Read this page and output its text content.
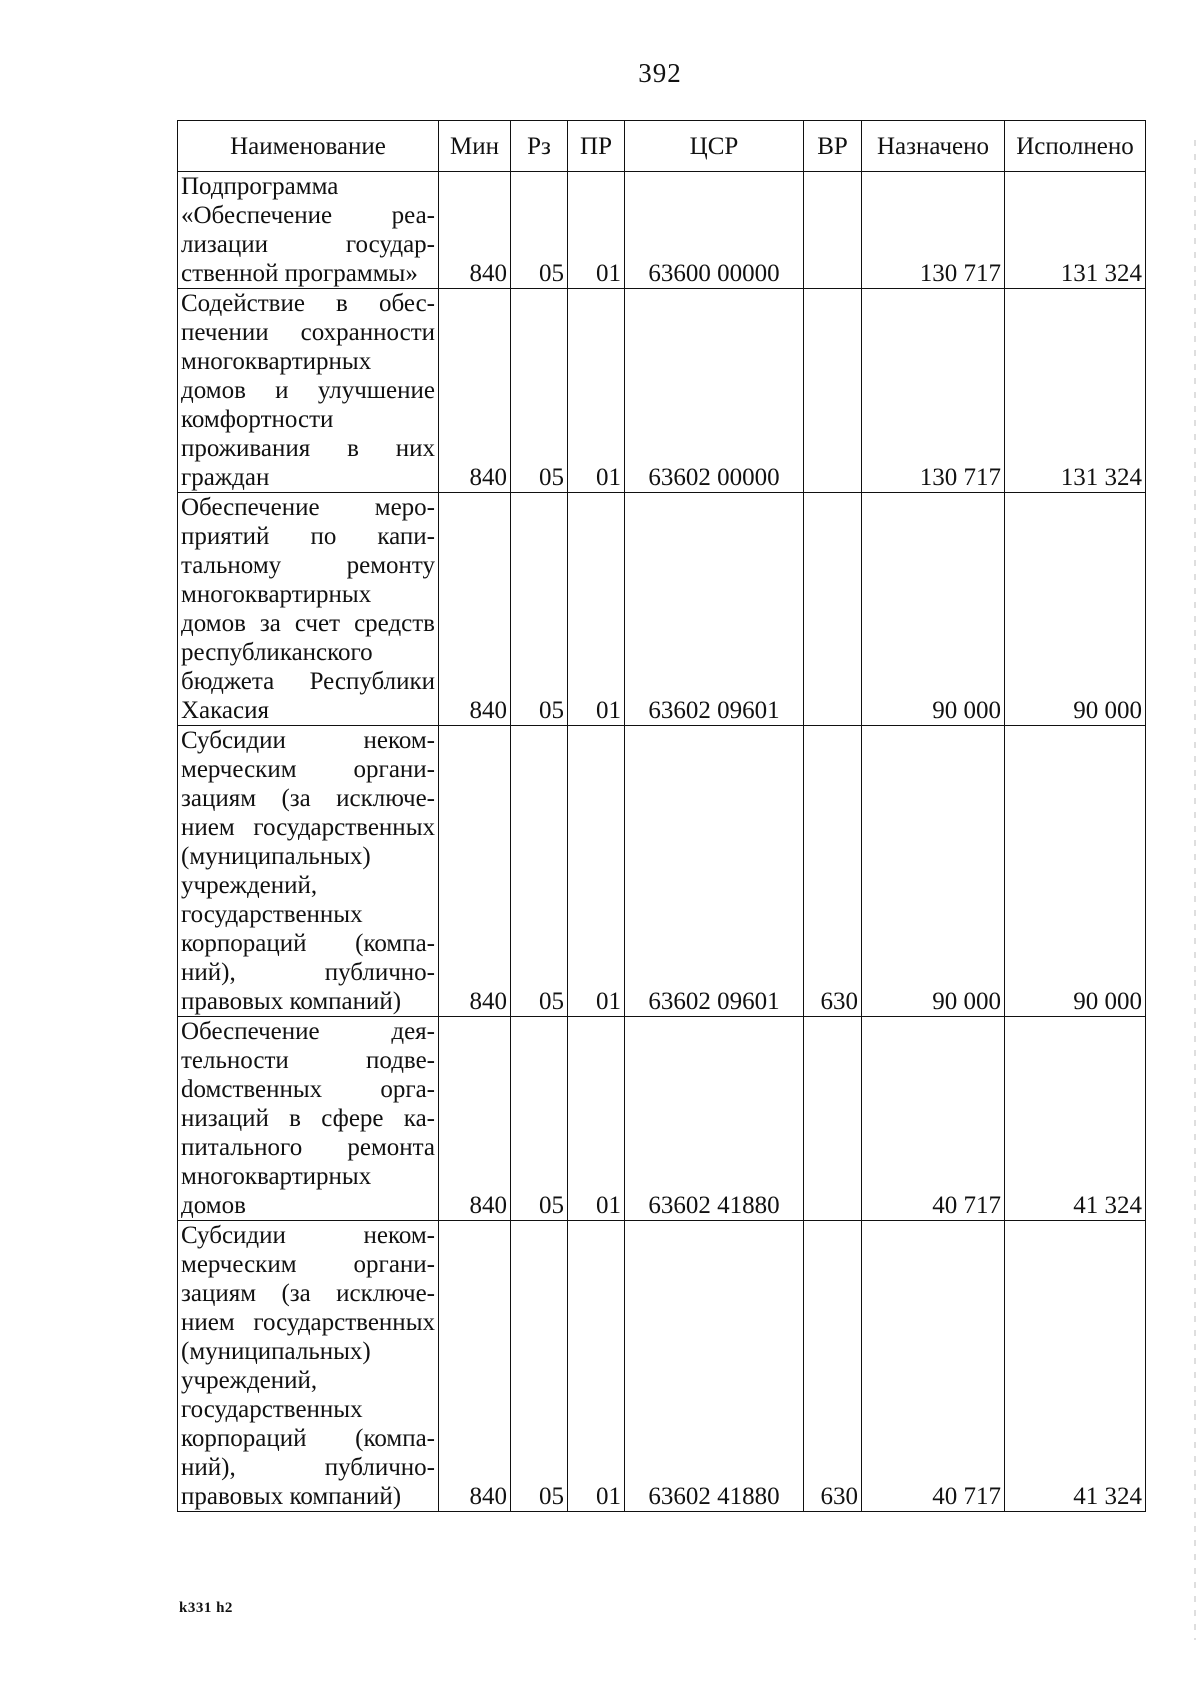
392
Наименование	Мин	Рз	ПР	ЦСР	ВР	Назначено	Исполнено
Подпрограмма «Обеспечение реализации государственной программы»	840	05	01	63600 00000		130 717	131 324
Содействие в обеспечении сохранности многоквартирных домов и улучшение комфортности проживания в них граждан	840	05	01	63602 00000		130 717	131 324
Обеспечение мероприятий по капитальному ремонту многоквартирных домов за счет средств республиканского бюджета Республики Хакасия	840	05	01	63602 09601		90 000	90 000
Субсидии некоммерческим организациям (за исключением государственных (муниципальных) учреждений, государственных корпораций (компаний), публично-правовых компаний)	840	05	01	63602 09601	630	90 000	90 000
Обеспечение деятельности подвеdомственных организаций в сфере капитального ремонта многоквартирных домов	840	05	01	63602 41880		40 717	41 324
Субсидии некоммерческим организациям (за исключением государственных (муниципальных) учреждений, государственных корпораций (компаний), публично-правовых компаний)	840	05	01	63602 41880	630	40 717	41 324
k331 h2
